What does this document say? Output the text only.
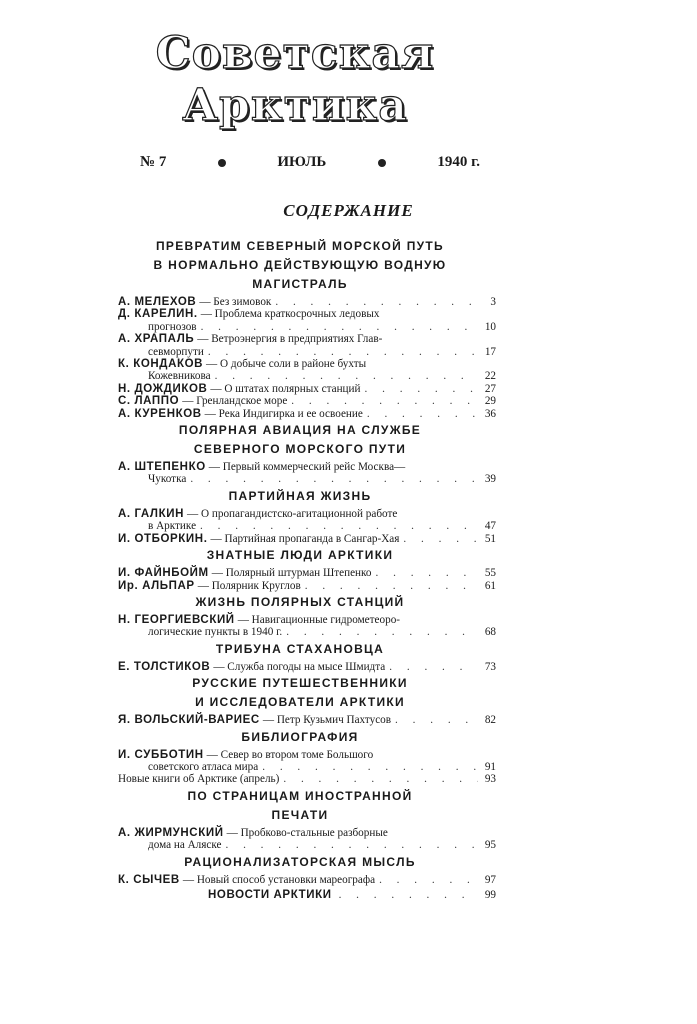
Советская
Арктика
№ 7	ИЮЛЬ	1940 г.
СОДЕРЖАНИЕ
ПРЕВРАТИМ СЕВЕРНЫЙ МОРСКОЙ ПУТЬ
В НОРМАЛЬНО ДЕЙСТВУЮЩУЮ ВОДНУЮ
МАГИСТРАЛЬ
А. МЕЛЕХОВ — Без зимовок . . .	3
Д. КАРЕЛИН. — Проблема краткосрочных ледовых
прогнозов . . .	10
А. ХРАПАЛЬ — Ветроэнергия в предприятиях Глав-
севморпути . . .	17
К. КОНДАКОВ — О добыче соли в районе бухты
Кожевникова . . .	22
Н. ДОЖДИКОВ — О штатах полярных станций . . .	27
С. ЛАППО — Гренландское море . . .	29
А. КУРЕНКОВ — Река Индигирка и ее освоение . . .	36
ПОЛЯРНАЯ АВИАЦИЯ НА СЛУЖБЕ
СЕВЕРНОГО МОРСКОГО ПУТИ
А. ШТЕПЕНКО — Первый коммерческий рейс Москва—
Чукотка . . .	39
ПАРТИЙНАЯ ЖИЗНЬ
А. ГАЛКИН — О пропагандистско-агитационной работе
в Арктике . . .	47
И. ОТБОРКИН. — Партийная пропаганда в Сангар-Хая . . .	51
ЗНАТНЫЕ ЛЮДИ АРКТИКИ
И. ФАЙНБОЙМ — Полярный штурман Штепенко . . .	55
Ир. АЛЬПАР — Полярник Круглов . . .	61
ЖИЗНЬ ПОЛЯРНЫХ СТАНЦИЙ
Н. ГЕОРГИЕВСКИЙ — Навигационные гидрометеоро-
логические пункты в 1940 г. . . .	68
ТРИБУНА СТАХАНОВЦА
Е. ТОЛСТИКОВ — Служба погоды на мысе Шмидта . . .	73
РУССКИЕ ПУТЕШЕСТВЕННИКИ
И ИССЛЕДОВАТЕЛИ АРКТИКИ
Я. ВОЛЬСКИЙ-ВАРИЕС — Петр Кузьмич Пахтусов . . .	82
БИБЛИОГРАФИЯ
И. СУББОТИН — Север во втором томе Большого
советского атласа мира . . .	91
Новые книги об Арктике (апрель) . . .	93
ПО СТРАНИЦАМ ИНОСТРАННОЙ
ПЕЧАТИ
А. ЖИРМУНСКИЙ — Пробково-стальные разборные
дома на Аляске . . .	95
РАЦИОНАЛИЗАТОРСКАЯ МЫСЛЬ
К. СЫЧЕВ — Новый способ установки мареографа . . .	97
НОВОСТИ АРКТИКИ . . .	99
